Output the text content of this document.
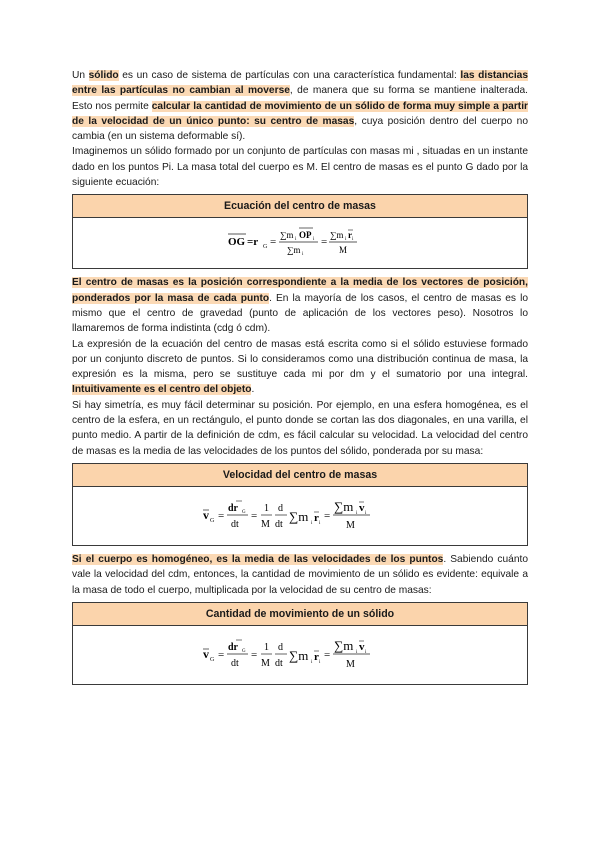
Un sólido es un caso de sistema de partículas con una característica fundamental: las distancias entre las partículas no cambian al moverse, de manera que su forma se mantiene inalterada. Esto nos permite calcular la cantidad de movimiento de un sólido de forma muy simple a partir de la velocidad de un único punto: su centro de masas, cuya posición dentro del cuerpo no cambia (en un sistema deformable sí).

Imaginemos un sólido formado por un conjunto de partículas con masas mi , situadas en un instante dado en los puntos Pi. La masa total del cuerpo es M. El centro de masas es el punto G dado por la siguiente ecuación:

Ecuación del centro de masas
OG =r G =
∑m i OP i
∑m i
=
∑m i r i
M

El centro de masas es la posición correspondiente a la media de los vectores de posición, ponderados por la masa de cada punto. En la mayoría de los casos, el centro de masas es lo mismo que el centro de gravedad (punto de aplicación de los vectores peso). Nosotros lo llamaremos de forma indistinta (cdg ó cdm).

La expresión de la ecuación del centro de masas está escrita como si el sólido estuviese formado por un conjunto discreto de puntos. Si lo consideramos como una distribución continua de masa, la expresión es la misma, pero se sustituye cada mi por dm y el sumatorio por una integral. Intuitivamente es el centro del objeto.

Si hay simetría, es muy fácil determinar su posición. Por ejemplo, en una esfera homogénea, es el centro de la esfera, en un rectángulo, el punto donde se cortan las dos diagonales, en una varilla, el punto medio. A partir de la definición de cdm, es fácil calcular su velocidad. La velocidad del centro de masas es la media de las velocidades de los puntos del sólido, ponderada por su masa:

Velocidad del centro de masas
v G =
dr G
dt
=
1
M
d
dt
∑m i r i
=
∑m i v i
M

Si el cuerpo es homogéneo, es la media de las velocidades de los puntos. Sabiendo cuánto vale la velocidad del cdm, entonces, la cantidad de movimiento de un sólido es evidente: equivale a la masa de todo el cuerpo, multiplicada por la velocidad de su centro de masas:

Cantidad de movimiento de un sólido
v G =
dr G
dt
=
1
M
d
dt
∑m i r i
=
∑m i v i
M
